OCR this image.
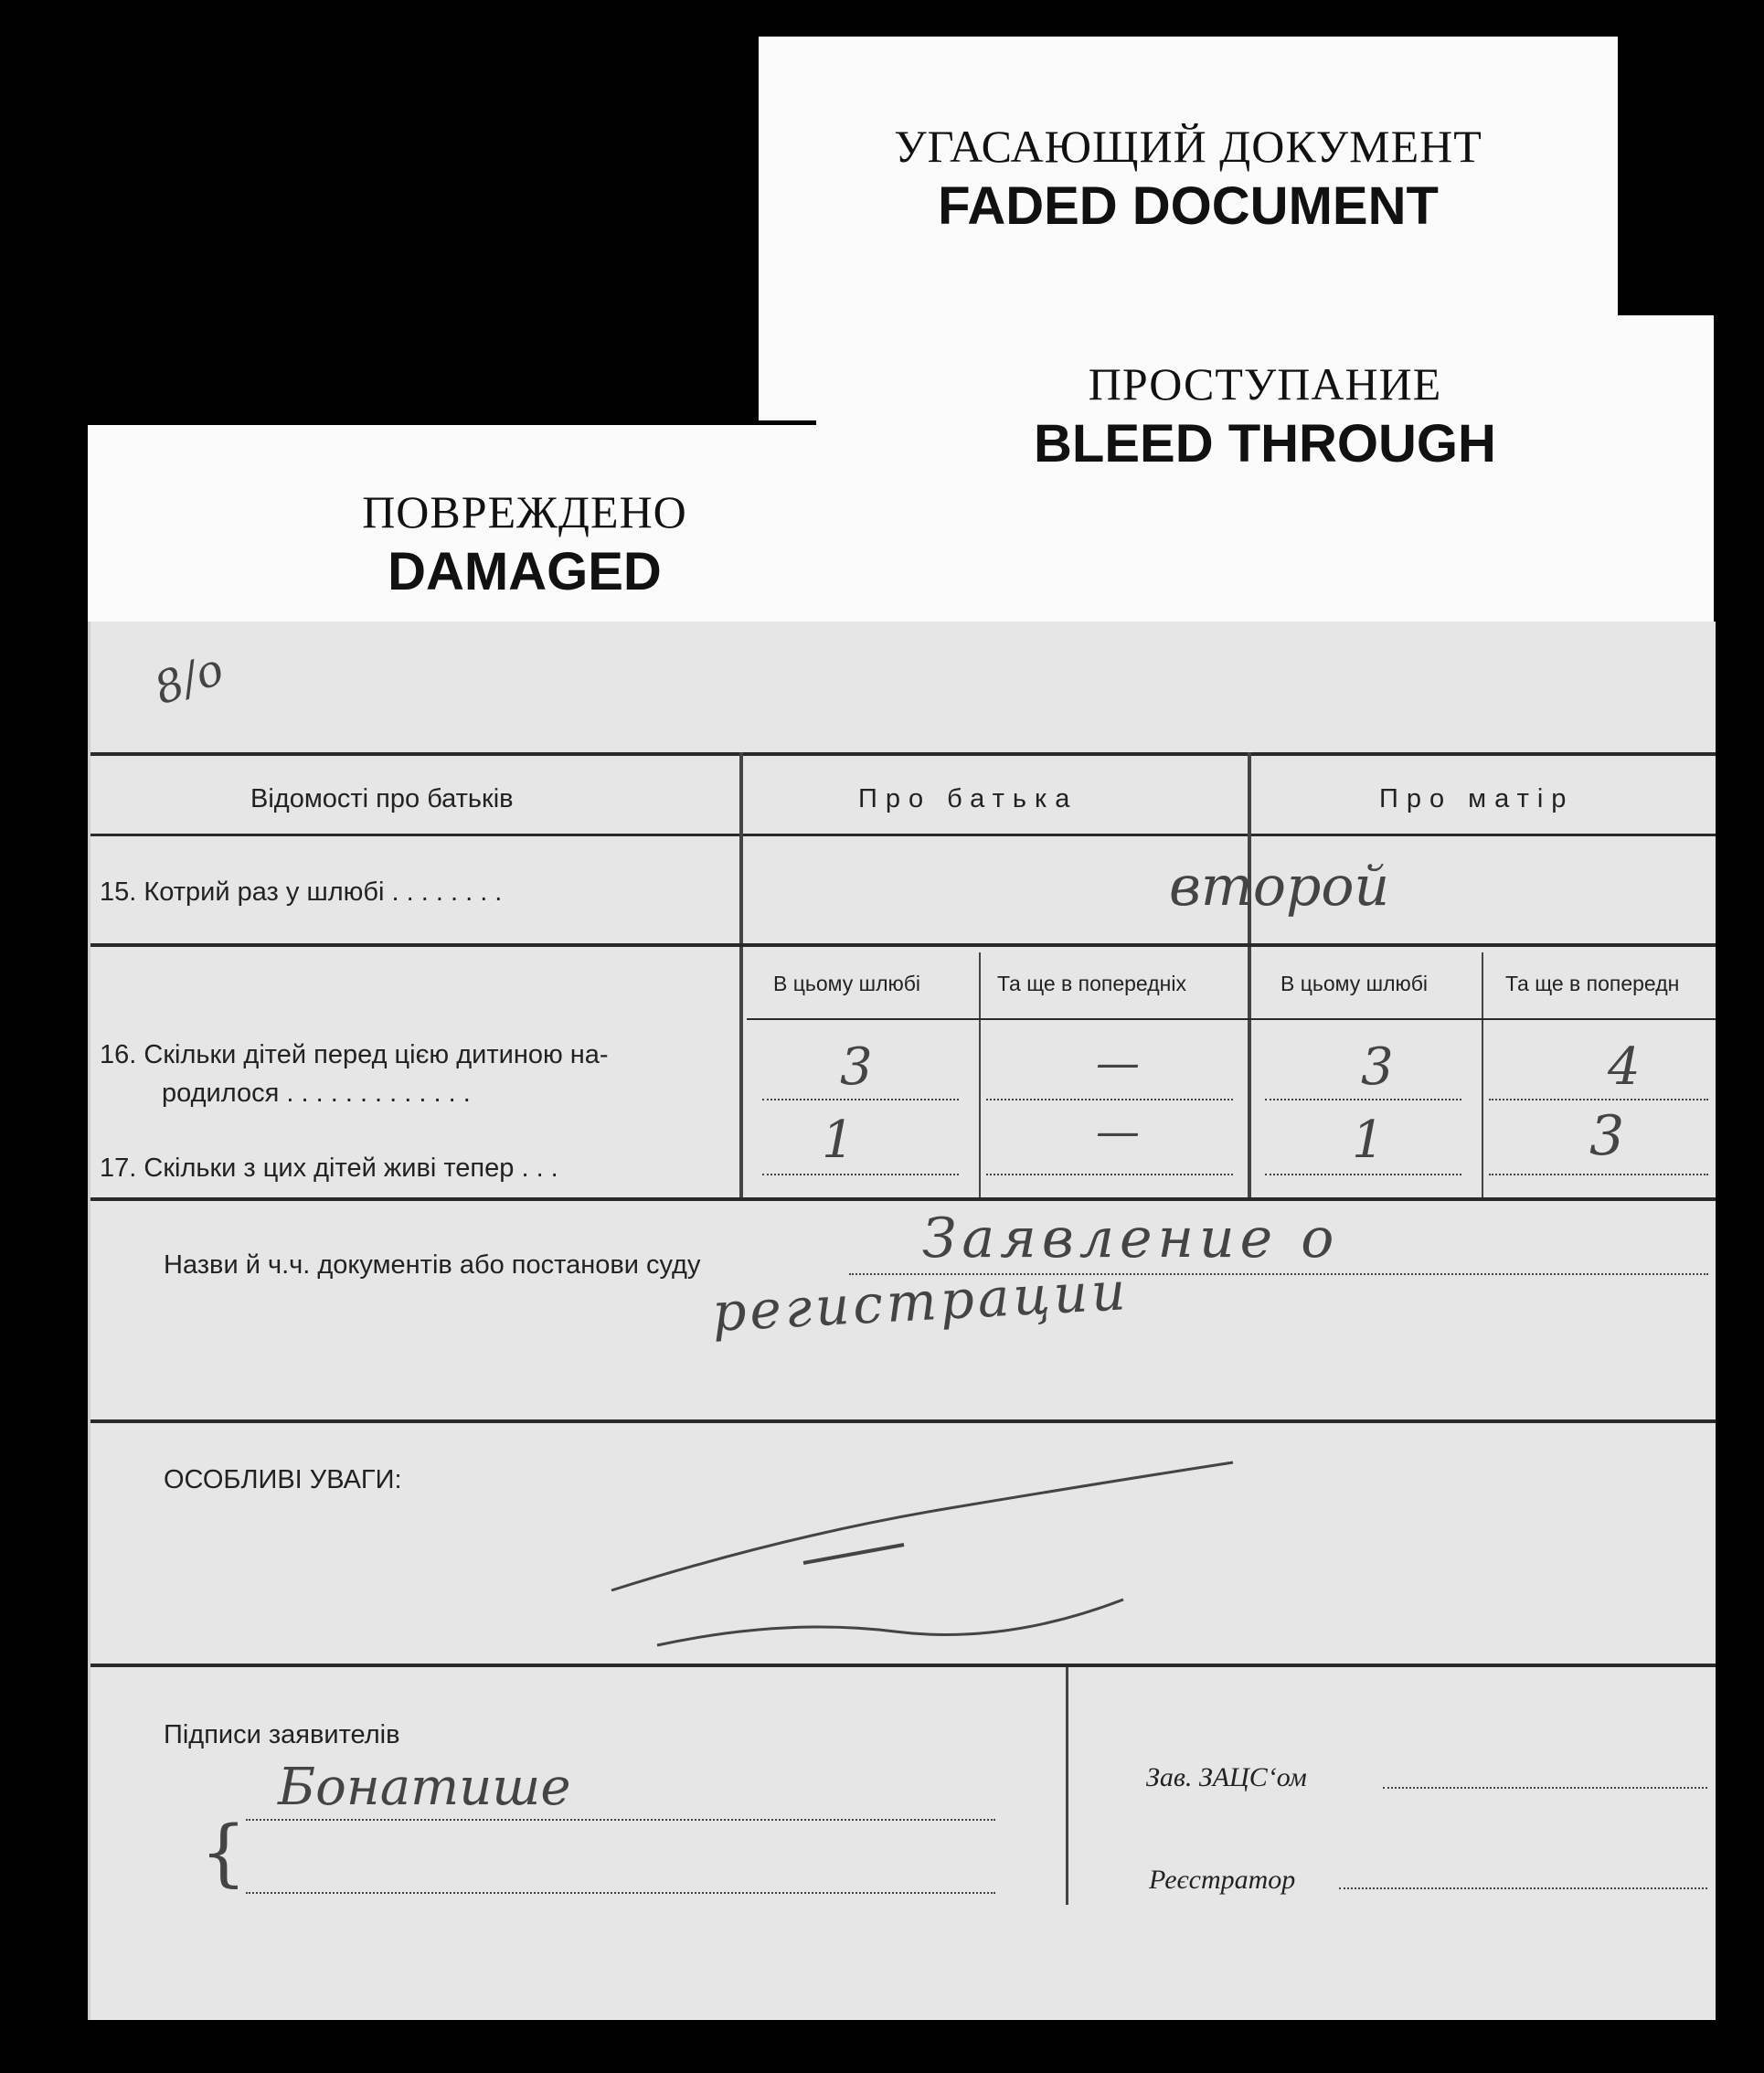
УГАСАЮЩИЙ ДОКУМЕНТ
FADED DOCUMENT
ПРОСТУПАНИЕ
BLEED THROUGH
ПОВРЕЖДЕНО
DAMAGED
8/o
Відомості про батьків	Про батька	Про матір
15. Котрий раз у шлюбі . . . . . . . .	второй
В цьому шлюбі	Та ще в попередніх	В цьому шлюбі	Та ще в попередн
16. Скільки дітей перед цією дитиною на-
родилося . . . . . . . . . . . . .	3	—	3	4
17. Скільки з цих дітей живі тепер . . .	1	—	1	3
Назви й ч.ч. документів або постанови суду	Заявление о
регистрации
ОСОБЛИВІ УВАГИ:
Підписи заявителів
Бонатише
{
Зав. ЗАЦС‘ом
Реєстратор
